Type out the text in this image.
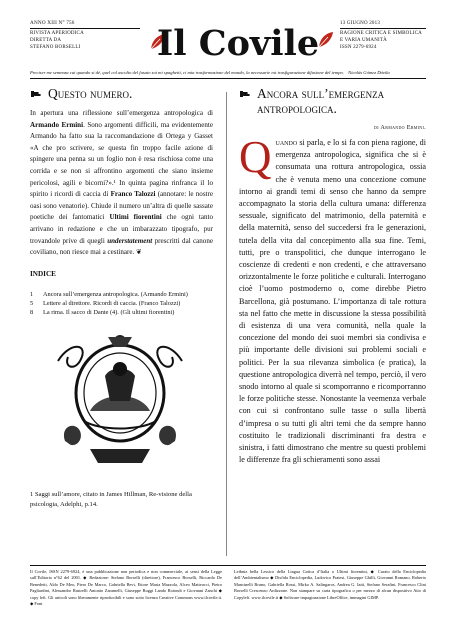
ANNO XIII N° 756
RIVISTA APERIODICA
DIRETTA DA
STEFANO BORSELLI	Il Covile	13 GIUGNO 2013
RAGIONE CRITICA E SIMBOLICA
E VARIA UMANITÀ
ISSN 2279-6924
Preciser me semenza cui quando si dé, quel col ascolto del fasato soi mi spaghetti, ci mia trasformazione del mondo, la necessarie est trasfigurazione difusione del tempo. Nicolás Gómez Dávila
Questo numero.
In apertura una riflessione sull’emergenza antropologica di Armando Ermini. Sono argomenti difficili, ma evidentemente Armando ha fatto sua la raccomandazione di Ortega y Gasset «A che pro scrivere, se questa fin troppo facile azione di spingere una penna su un foglio non è resa rischiosa come una corrida e se non si affrontino argomenti che siano insieme pericolosi, agili e bicorni?».¹ In quinta pagina rinfranca il lo spirito i ricordi di caccia di Franco Talozzi (annotare: le nostre oasi sono venatorie). Chiude il numero un’altra di quelle sassate poetiche dei fantomatici Ultimi fiorentini che ogni tanto arrivano in redazione e che un imbarazzato tipografo, pur trovandole prive di quegli understatement prescritti dal canone coviliano, non riesce mai a cestinare. ❦
INDICE
1	Ancora sull’emergenza antropologica. (Armando Ermini)
5	Lettere al direttore. Ricordi di caccia. (Franco Talozzi)
8	La rima. Il sacco di Dante (4). (Gli ultimi fiorentini)
1 Saggi sull’amore, citato in James Hillman, Re-visione della psicologia, Adelphi, p.14.
Ancora sull’emergenza antropologica.
di Armando Ermini.
Quando si parla, e lo si fa con piena ragione, di emergenza antropologica, significa che si è consumata una rottura antropologica, ossia che è venuta meno una concezione comune intorno ai grandi temi di senso che hanno da sempre accompagnato la storia della cultura umana: differenza sessuale, significato del matrimonio, della paternità e della maternità, senso del succedersi fra le generazioni, tutela della vita dal concepimento alla sua fine. Temi, tutti, pre o transpolitici, che dunque interrogano le coscienze di credenti e non credenti, e che attraversano orizzontalmente le forze politiche e culturali. Interrogano cioè l’uomo postmoderno o, come direbbe Pietro Barcellona, già postumano. L’importanza di tale rottura sta nel fatto che mette in discussione la stessa possibilità di esistenza di una vera comunità, nella quale la concezione del mondo dei suoi membri sia condivisa e più importante delle divisioni sui problemi sociali e politici. Per la sua rilevanza simbolica (e pratica), la questione antropologica diverrà nel tempo, perciò, il vero snodo intorno al quale si scomporranno e ricomporranno le forze politiche stesse. Nonostante la veemenza verbale con cui si confrontano sulle tasse o sulla libertà d’impresa o su tutti gli altri temi che da sempre hanno costituito le tradizionali discriminanti fra destra e sinistra, i fatti dimostrano che mentre su questi problemi le differenze fra gli schieramenti sono assai
Il Covile, ISSN 2279-6924, è una pubblicazione non periodica e non commerciale, ai sensi della Legge sull’Editoria n°62 del 2001. ◆ Redazione: Stefano Borselli (direttore), Francesco Borselli, Riccardo De Benedetti, Aldo De Meo, Piero De Marco, Gabriella Bevi, Ettore Maria Mazzola, Alceo Matteucci, Pietro Pagliardini, Alessandro Rastrelli Antonio Zaramelli, Giuseppe Ruggi Lando Rotondi e Giovanni Zanchi ◆ copy left. Gli articoli sono liberamente riproducibili e sono sotto licenza Creative Commons www.ilcovile.it. ◆ Font
Leibniz bella Lessico della Lingua Gotica d’Italia o Ultimi fiorentini, ◆ Curato della Enciclopedia dell’Ambientalismo ◆ Disfida Enciclopedia, Ludovico Pratesi, Giuseppe Ghilli, Giovanni Romano, Roberto Mancinelli Bruno, Gabriella Rossi, Mirko A. Salingaros, Andrea G. Iatti, Stefano Serafini, Francesco Clini Borselli Crescenzo Ardizzone. Non stampare su carta tipografica o per mezzo di alcun dispositivo Atto di Copyleft. www.ilcovile.it ◆ Software impaginazione LibreOffice, immagini GIMP.
